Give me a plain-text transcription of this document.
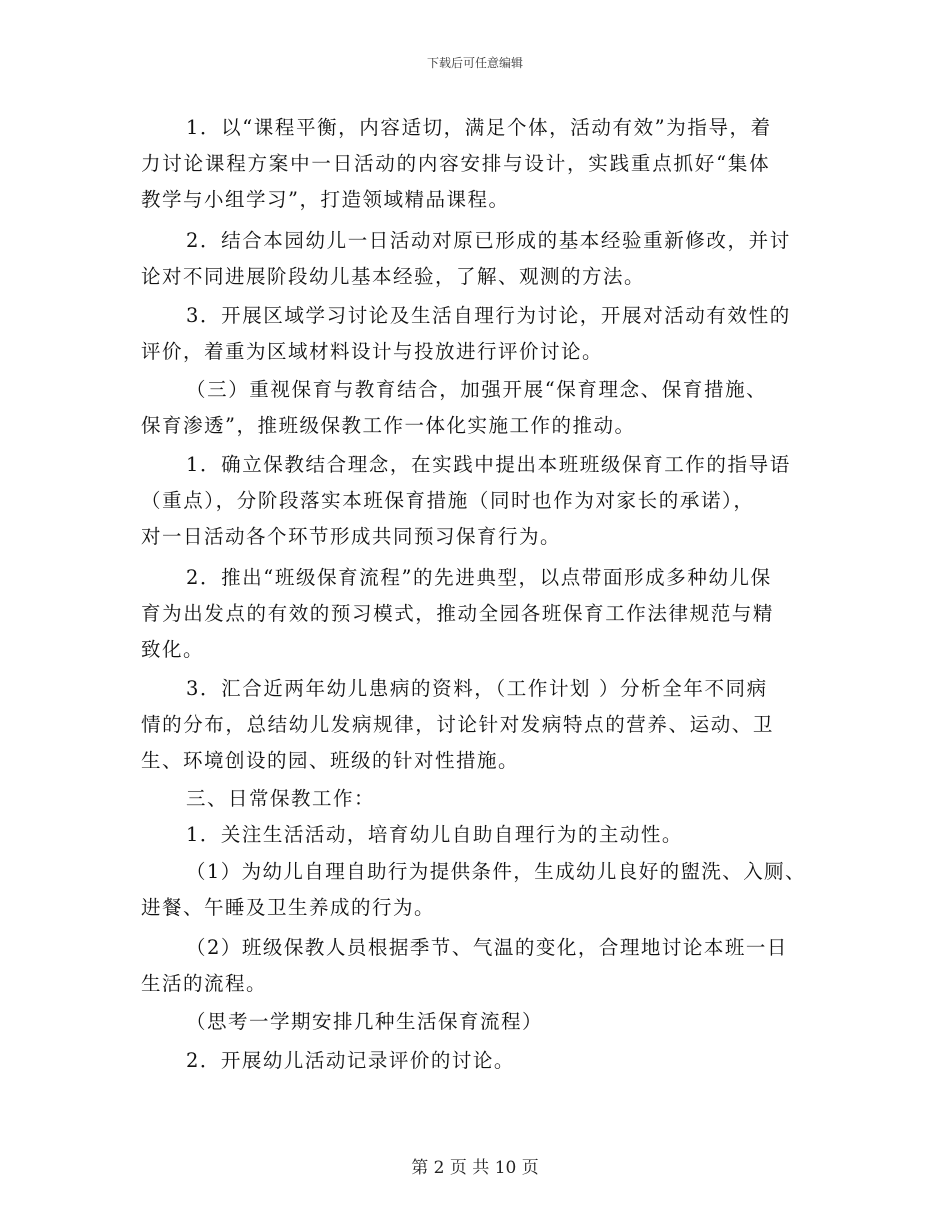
下载后可任意编辑
1．以“课程平衡，内容适切，满足个体，活动有效”为指导，着
力讨论课程方案中一日活动的内容安排与设计，实践重点抓好“集体
教学与小组学习”，打造领域精品课程。
2．结合本园幼儿一日活动对原已形成的基本经验重新修改，并讨
论对不同进展阶段幼儿基本经验，了解、观测的方法。
3．开展区域学习讨论及生活自理行为讨论，开展对活动有效性的
评价，着重为区域材料设计与投放进行评价讨论。
（三）重视保育与教育结合，加强开展“保育理念、保育措施、
保育渗透”，推班级保教工作一体化实施工作的推动。
1．确立保教结合理念，在实践中提出本班班级保育工作的指导语
（重点），分阶段落实本班保育措施（同时也作为对家长的承诺），
对一日活动各个环节形成共同预习保育行为。
2．推出“班级保育流程”的先进典型，以点带面形成多种幼儿保
育为出发点的有效的预习模式，推动全园各班保育工作法律规范与精
致化。
3．汇合近两年幼儿患病的资料，（工作计划 ）分析全年不同病
情的分布，总结幼儿发病规律，讨论针对发病特点的营养、运动、卫
生、环境创设的园、班级的针对性措施。
三、日常保教工作：
1．关注生活活动，培育幼儿自助自理行为的主动性。
（1）为幼儿自理自助行为提供条件，生成幼儿良好的盥洗、入厕、
进餐、午睡及卫生养成的行为。
（2）班级保教人员根据季节、气温的变化，合理地讨论本班一日
生活的流程。
（思考一学期安排几种生活保育流程）
2．开展幼儿活动记录评价的讨论。
第 2 页 共 10 页
